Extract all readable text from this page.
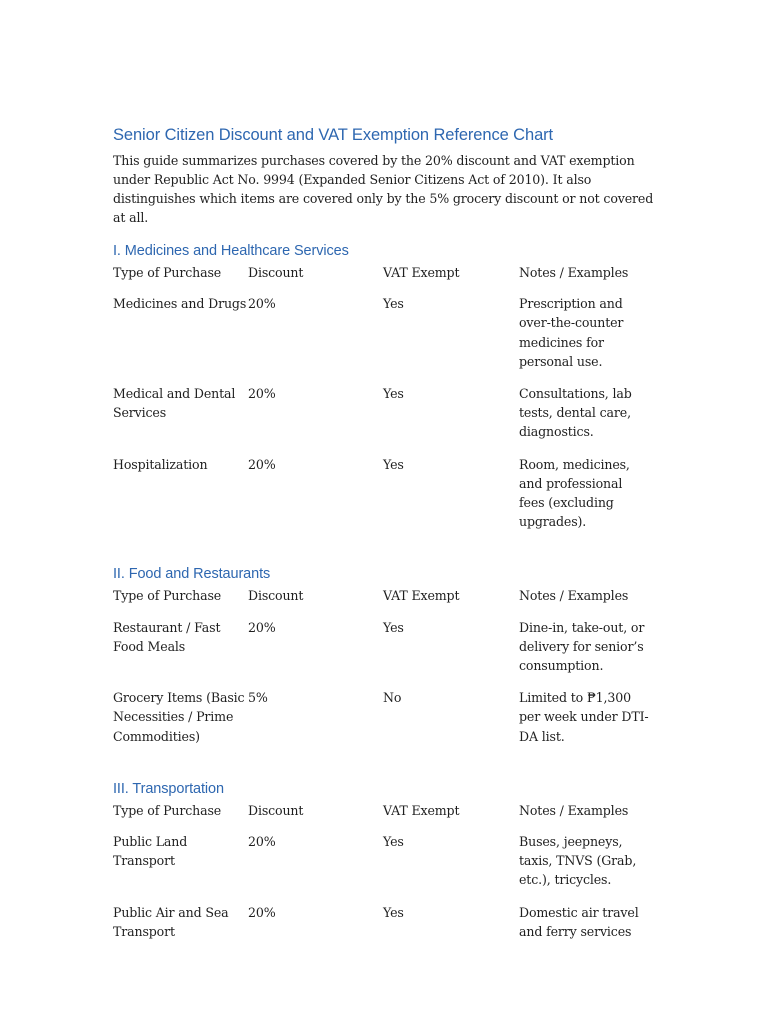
Senior Citizen Discount and VAT Exemption Reference Chart

This guide summarizes purchases covered by the 20% discount and VAT exemption under Republic Act No. 9994 (Expanded Senior Citizens Act of 2010). It also distinguishes which items are covered only by the 5% grocery discount or not covered at all.

I. Medicines and Healthcare Services
Type of Purchase	Discount	VAT Exempt	Notes / Examples
Medicines and Drugs	20%	Yes	Prescription and over-the-counter medicines for personal use.
Medical and Dental Services	20%	Yes	Consultations, lab tests, dental care, diagnostics.
Hospitalization	20%	Yes	Room, medicines, and professional fees (excluding upgrades).
II. Food and Restaurants
Type of Purchase	Discount	VAT Exempt	Notes / Examples
Restaurant / Fast Food Meals	20%	Yes	Dine-in, take-out, or delivery for senior’s consumption.
Grocery Items (Basic Necessities / Prime Commodities)	5%	No	Limited to ₱1,300 per week under DTI-DA list.
III. Transportation
Type of Purchase	Discount	VAT Exempt	Notes / Examples
Public Land Transport	20%	Yes	Buses, jeepneys, taxis, TNVS (Grab, etc.), tricycles.
Public Air and Sea Transport	20%	Yes	Domestic air travel and ferry services
